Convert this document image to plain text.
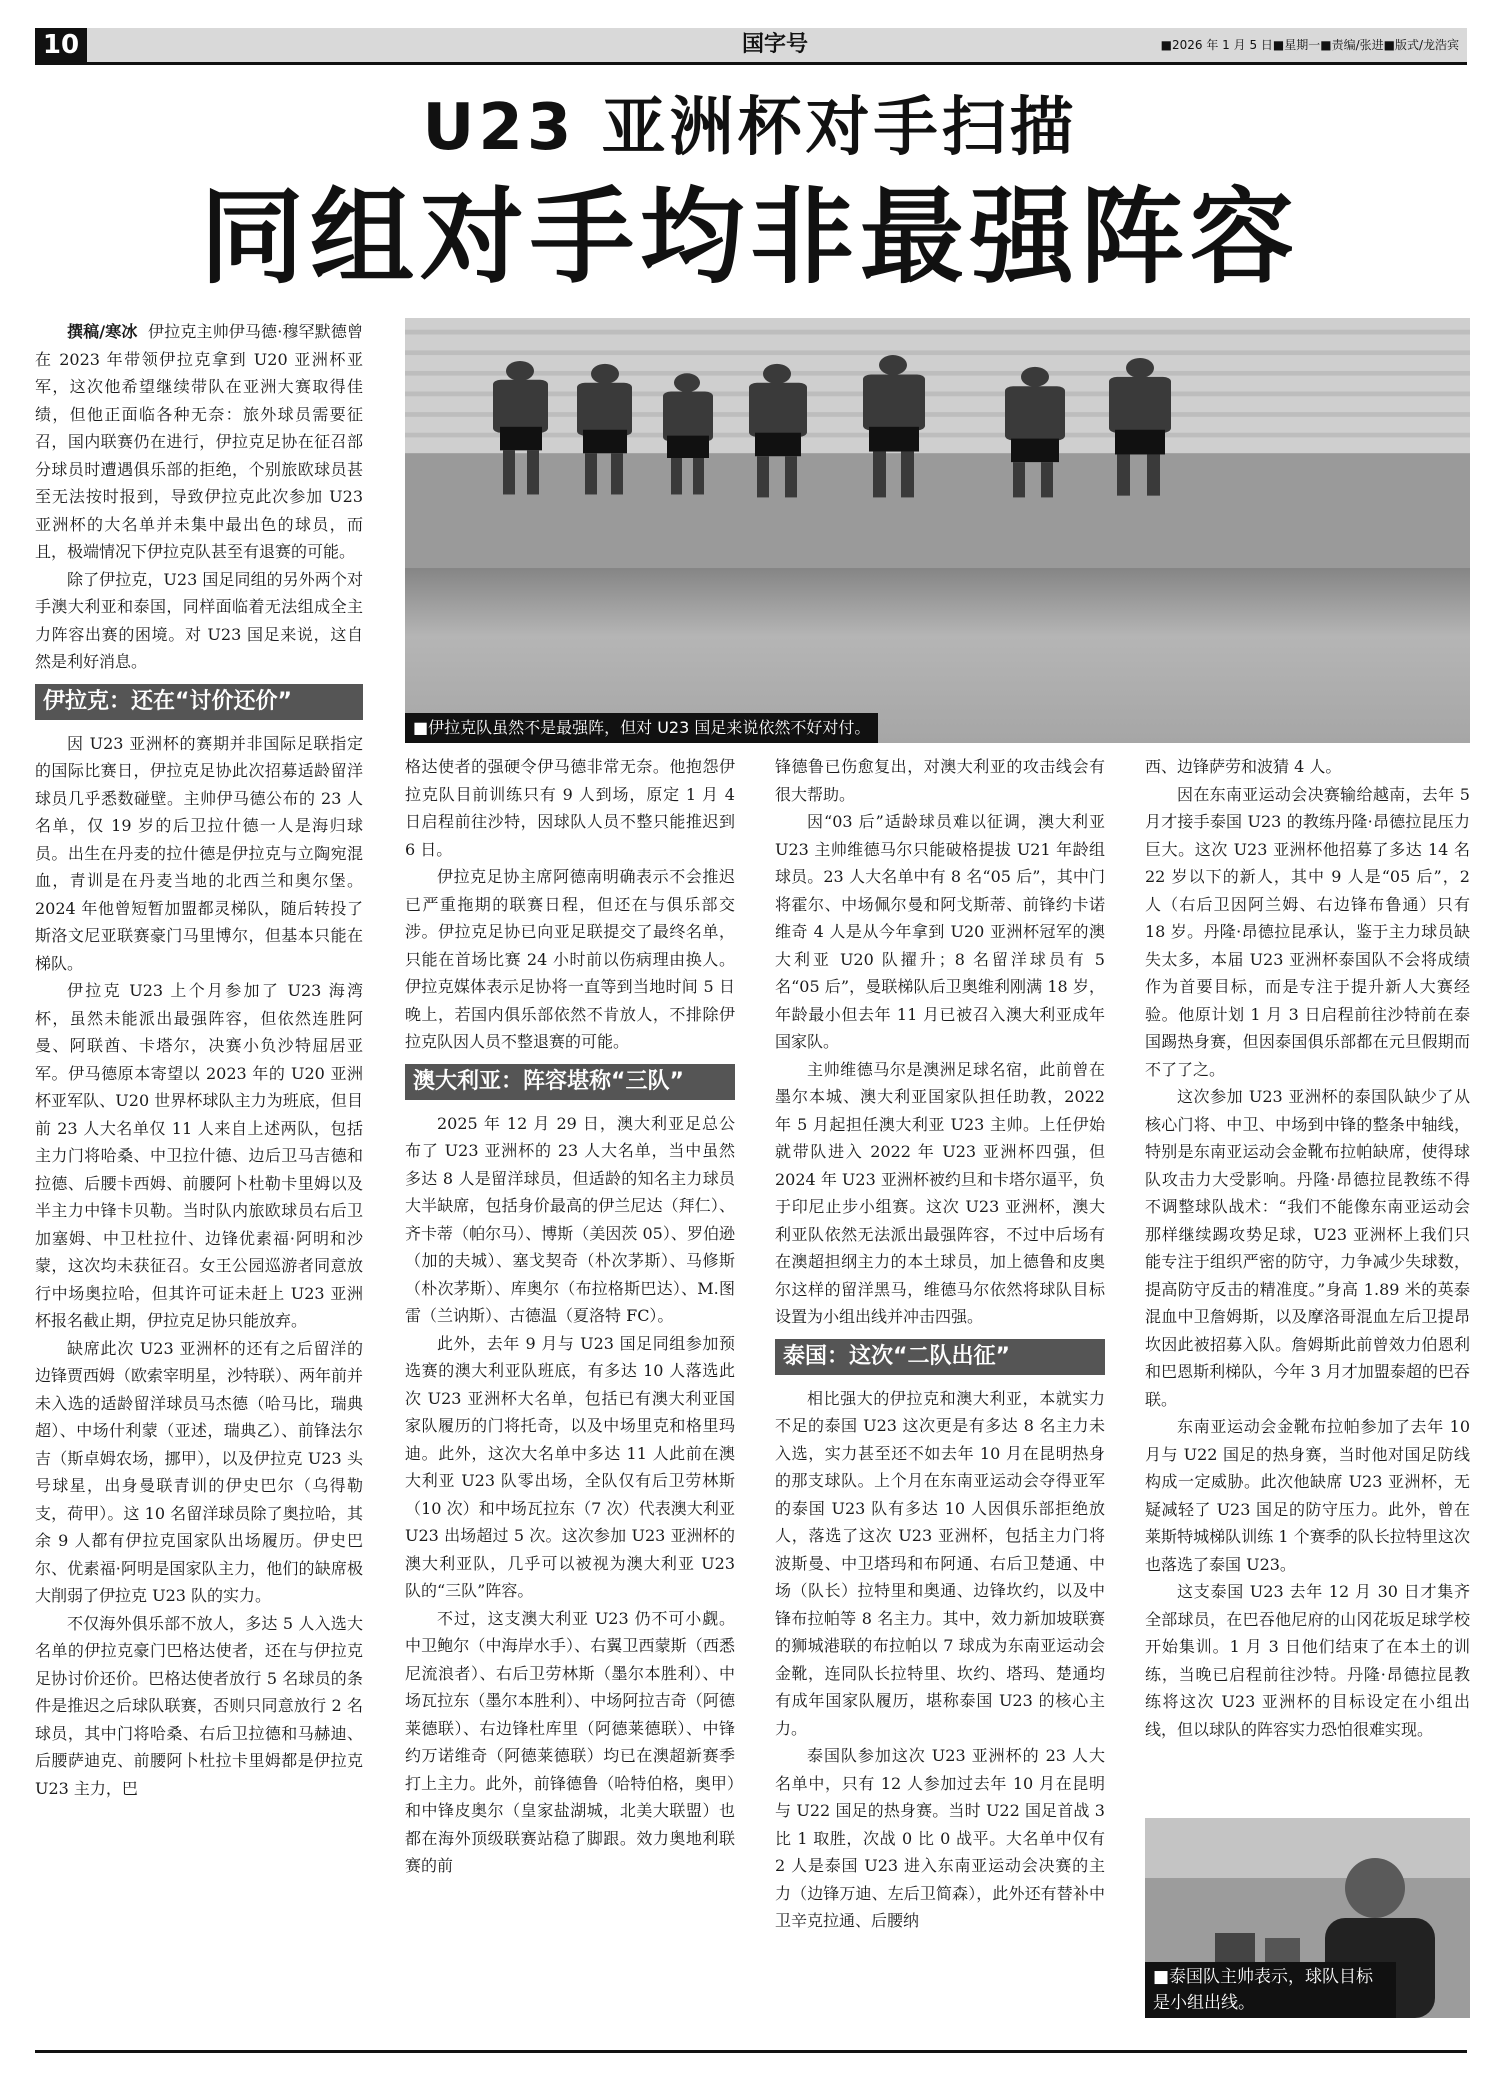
10	国字号	■2026 年 1 月 5 日■星期一■责编/张进■版式/龙浩宾
U23 亚洲杯对手扫描
同组对手均非最强阵容
■伊拉克队虽然不是最强阵，但对 U23 国足来说依然不好对付。

撰稿/寒冰 伊拉克主帅伊马德·穆罕默德曾在 2023 年带领伊拉克拿到 U20 亚洲杯亚军，这次他希望继续带队在亚洲大赛取得佳绩，但他正面临各种无奈：旅外球员需要征召，国内联赛仍在进行，伊拉克足协在征召部分球员时遭遇俱乐部的拒绝，个别旅欧球员甚至无法按时报到，导致伊拉克此次参加 U23 亚洲杯的大名单并未集中最出色的球员，而且，极端情况下伊拉克队甚至有退赛的可能。

除了伊拉克，U23 国足同组的另外两个对手澳大利亚和泰国，同样面临着无法组成全主力阵容出赛的困境。对 U23 国足来说，这自然是利好消息。

伊拉克：还在“讨价还价”

因 U23 亚洲杯的赛期并非国际足联指定的国际比赛日，伊拉克足协此次招募适龄留洋球员几乎悉数碰壁。主帅伊马德公布的 23 人名单，仅 19 岁的后卫拉什德一人是海归球员。出生在丹麦的拉什德是伊拉克与立陶宛混血，青训是在丹麦当地的北西兰和奥尔堡。2024 年他曾短暂加盟都灵梯队，随后转投了斯洛文尼亚联赛豪门马里博尔，但基本只能在梯队。

伊拉克 U23 上个月参加了 U23 海湾杯，虽然未能派出最强阵容，但依然连胜阿曼、阿联酋、卡塔尔，决赛小负沙特屈居亚军。伊马德原本寄望以 2023 年的 U20 亚洲杯亚军队、U20 世界杯球队主力为班底，但目前 23 人大名单仅 11 人来自上述两队，包括主力门将哈桑、中卫拉什德、边后卫马吉德和拉德、后腰卡西姆、前腰阿卜杜勒卡里姆以及半主力中锋卡贝勒。当时队内旅欧球员右后卫加塞姆、中卫杜拉什、边锋优素福·阿明和沙蒙，这次均未获征召。女王公园巡游者同意放行中场奥拉哈，但其许可证未赶上 U23 亚洲杯报名截止期，伊拉克足协只能放弃。

缺席此次 U23 亚洲杯的还有之后留洋的边锋贾西姆（欧索宰明星，沙特联）、两年前并未入选的适龄留洋球员马杰德（哈马比，瑞典超）、中场什利蒙（亚述，瑞典乙）、前锋法尔吉（斯卓姆农场，挪甲），以及伊拉克 U23 头号球星，出身曼联青训的伊史巴尔（乌得勒支，荷甲）。这 10 名留洋球员除了奥拉哈，其余 9 人都有伊拉克国家队出场履历。伊史巴尔、优素福·阿明是国家队主力，他们的缺席极大削弱了伊拉克 U23 队的实力。

不仅海外俱乐部不放人，多达 5 人入选大名单的伊拉克豪门巴格达使者，还在与伊拉克足协讨价还价。巴格达使者放行 5 名球员的条件是推迟之后球队联赛，否则只同意放行 2 名球员，其中门将哈桑、右后卫拉德和马赫迪、后腰萨迪克、前腰阿卜杜拉卡里姆都是伊拉克 U23 主力，巴

格达使者的强硬令伊马德非常无奈。他抱怨伊拉克队目前训练只有 9 人到场，原定 1 月 4 日启程前往沙特，因球队人员不整只能推迟到 6 日。

伊拉克足协主席阿德南明确表示不会推迟已严重拖期的联赛日程，但还在与俱乐部交涉。伊拉克足协已向亚足联提交了最终名单，只能在首场比赛 24 小时前以伤病理由换人。伊拉克媒体表示足协将一直等到当地时间 5 日晚上，若国内俱乐部依然不肯放人，不排除伊拉克队因人员不整退赛的可能。

澳大利亚：阵容堪称“三队”

2025 年 12 月 29 日，澳大利亚足总公布了 U23 亚洲杯的 23 人大名单，当中虽然多达 8 人是留洋球员，但适龄的知名主力球员大半缺席，包括身价最高的伊兰尼达（拜仁）、齐卡蒂（帕尔马）、博斯（美因茨 05）、罗伯逊（加的夫城）、塞戈契奇（朴次茅斯）、马修斯（朴次茅斯）、库奥尔（布拉格斯巴达）、M.图雷（兰讷斯）、古德温（夏洛特 FC）。

此外，去年 9 月与 U23 国足同组参加预选赛的澳大利亚队班底，有多达 10 人落选此次 U23 亚洲杯大名单，包括已有澳大利亚国家队履历的门将托奇，以及中场里克和格里玛迪。此外，这次大名单中多达 11 人此前在澳大利亚 U23 队零出场，全队仅有后卫劳林斯（10 次）和中场瓦拉东（7 次）代表澳大利亚 U23 出场超过 5 次。这次参加 U23 亚洲杯的澳大利亚队，几乎可以被视为澳大利亚 U23 队的“三队”阵容。

不过，这支澳大利亚 U23 仍不可小觑。中卫鲍尔（中海岸水手）、右翼卫西蒙斯（西悉尼流浪者）、右后卫劳林斯（墨尔本胜利）、中场瓦拉东（墨尔本胜利）、中场阿拉吉奇（阿德莱德联）、右边锋杜库里（阿德莱德联）、中锋约万诺维奇（阿德莱德联）均已在澳超新赛季打上主力。此外，前锋德鲁（哈特伯格，奥甲）和中锋皮奥尔（皇家盐湖城，北美大联盟）也都在海外顶级联赛站稳了脚跟。效力奥地利联赛的前

锋德鲁已伤愈复出，对澳大利亚的攻击线会有很大帮助。

因“03 后”适龄球员难以征调，澳大利亚 U23 主帅维德马尔只能破格提拔 U21 年龄组球员。23 人大名单中有 8 名“05 后”，其中门将霍尔、中场佩尔曼和阿戈斯蒂、前锋约卡诺维奇 4 人是从今年拿到 U20 亚洲杯冠军的澳大利亚 U20 队擢升；8 名留洋球员有 5 名“05 后”，曼联梯队后卫奥维利刚满 18 岁，年龄最小但去年 11 月已被召入澳大利亚成年国家队。

主帅维德马尔是澳洲足球名宿，此前曾在墨尔本城、澳大利亚国家队担任助教，2022 年 5 月起担任澳大利亚 U23 主帅。上任伊始就带队进入 2022 年 U23 亚洲杯四强，但 2024 年 U23 亚洲杯被约旦和卡塔尔逼平，负于印尼止步小组赛。这次 U23 亚洲杯，澳大利亚队依然无法派出最强阵容，不过中后场有在澳超担纲主力的本土球员，加上德鲁和皮奥尔这样的留洋黑马，维德马尔依然将球队目标设置为小组出线并冲击四强。

泰国：这次“二队出征”

相比强大的伊拉克和澳大利亚，本就实力不足的泰国 U23 这次更是有多达 8 名主力未入选，实力甚至还不如去年 10 月在昆明热身的那支球队。上个月在东南亚运动会夺得亚军的泰国 U23 队有多达 10 人因俱乐部拒绝放人，落选了这次 U23 亚洲杯，包括主力门将波斯曼、中卫塔玛和布阿通、右后卫楚通、中场（队长）拉特里和奥通、边锋坎约，以及中锋布拉帕等 8 名主力。其中，效力新加坡联赛的狮城港联的布拉帕以 7 球成为东南亚运动会金靴，连同队长拉特里、坎约、塔玛、楚通均有成年国家队履历，堪称泰国 U23 的核心主力。

泰国队参加这次 U23 亚洲杯的 23 人大名单中，只有 12 人参加过去年 10 月在昆明与 U22 国足的热身赛。当时 U22 国足首战 3 比 1 取胜，次战 0 比 0 战平。大名单中仅有 2 人是泰国 U23 进入东南亚运动会决赛的主力（边锋万迪、左后卫简森），此外还有替补中卫辛克拉通、后腰纳

西、边锋萨劳和波猜 4 人。

因在东南亚运动会决赛输给越南，去年 5 月才接手泰国 U23 的教练丹隆·昂德拉昆压力巨大。这次 U23 亚洲杯他招募了多达 14 名 22 岁以下的新人，其中 9 人是“05 后”，2 人（右后卫因阿兰姆、右边锋布鲁通）只有 18 岁。丹隆·昂德拉昆承认，鉴于主力球员缺失太多，本届 U23 亚洲杯泰国队不会将成绩作为首要目标，而是专注于提升新人大赛经验。他原计划 1 月 3 日启程前往沙特前在泰国踢热身赛，但因泰国俱乐部都在元旦假期而不了了之。

这次参加 U23 亚洲杯的泰国队缺少了从核心门将、中卫、中场到中锋的整条中轴线，特别是东南亚运动会金靴布拉帕缺席，使得球队攻击力大受影响。丹隆·昂德拉昆教练不得不调整球队战术：“我们不能像东南亚运动会那样继续踢攻势足球，U23 亚洲杯上我们只能专注于组织严密的防守，力争减少失球数，提高防守反击的精准度。”身高 1.89 米的英泰混血中卫詹姆斯，以及摩洛哥混血左后卫提昂坎因此被招募入队。詹姆斯此前曾效力伯恩利和巴恩斯利梯队，今年 3 月才加盟泰超的巴吞联。

东南亚运动会金靴布拉帕参加了去年 10 月与 U22 国足的热身赛，当时他对国足防线构成一定威胁。此次他缺席 U23 亚洲杯，无疑减轻了 U23 国足的防守压力。此外，曾在莱斯特城梯队训练 1 个赛季的队长拉特里这次也落选了泰国 U23。

这支泰国 U23 去年 12 月 30 日才集齐全部球员，在巴吞他尼府的山冈花坂足球学校开始集训。1 月 3 日他们结束了在本土的训练，当晚已启程前往沙特。丹隆·昂德拉昆教练将这次 U23 亚洲杯的目标设定在小组出线，但以球队的阵容实力恐怕很难实现。

■泰国队主帅表示，球队目标是小组出线。
